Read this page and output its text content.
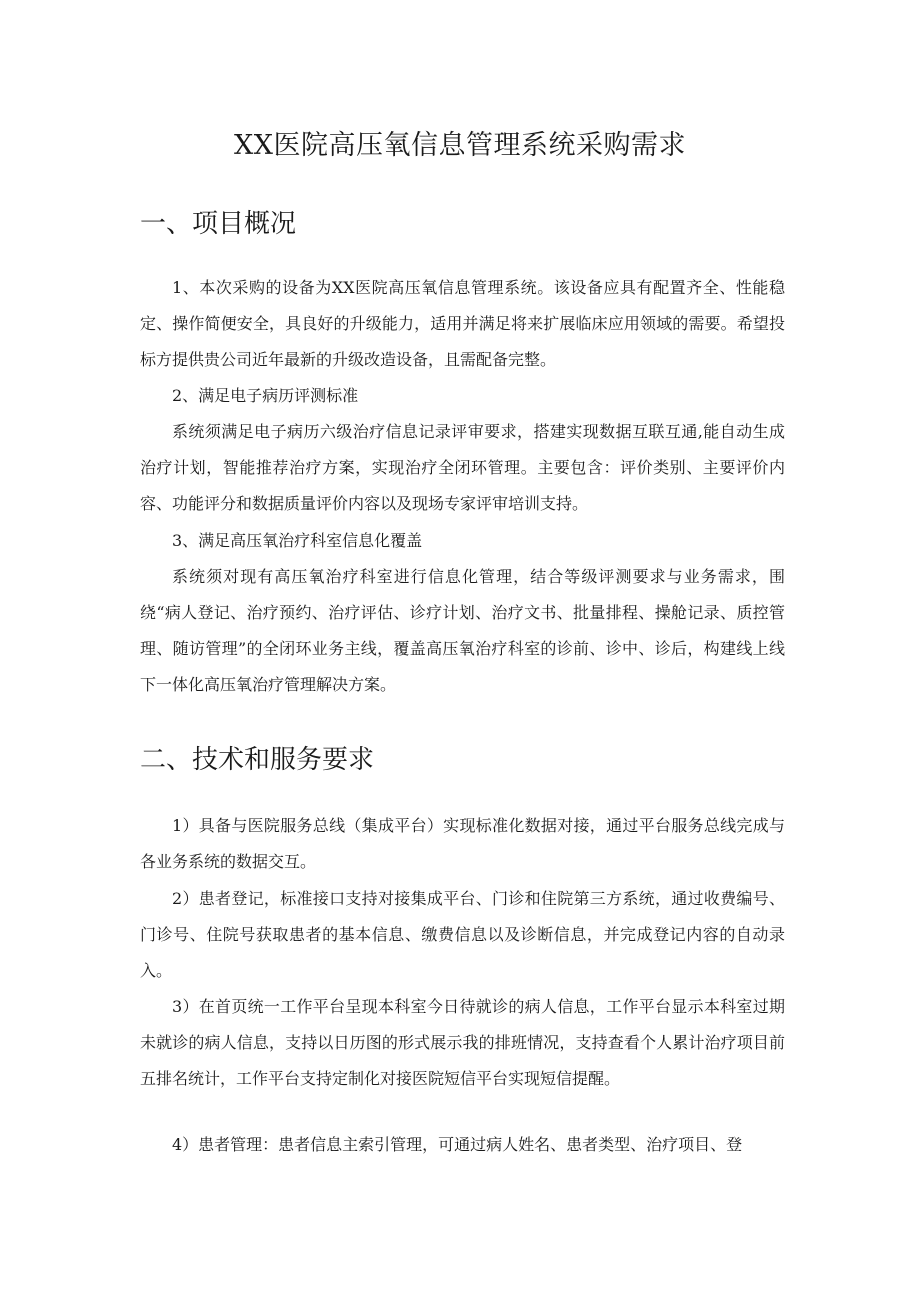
XX医院高压氧信息管理系统采购需求
一、项目概况

1、本次采购的设备为XX医院高压氧信息管理系统。该设备应具有配置齐全、性能稳定、操作简便安全，具良好的升级能力，适用并满足将来扩展临床应用领域的需要。希望投标方提供贵公司近年最新的升级改造设备，且需配备完整。

2、满足电子病历评测标准

系统须满足电子病历六级治疗信息记录评审要求，搭建实现数据互联互通,能自动生成治疗计划，智能推荐治疗方案，实现治疗全闭环管理。主要包含：评价类别、主要评价内容、功能评分和数据质量评价内容以及现场专家评审培训支持。

3、满足高压氧治疗科室信息化覆盖

系统须对现有高压氧治疗科室进行信息化管理，结合等级评测要求与业务需求，围绕“病人登记、治疗预约、治疗评估、诊疗计划、治疗文书、批量排程、操舱记录、质控管理、随访管理”的全闭环业务主线，覆盖高压氧治疗科室的诊前、诊中、诊后，构建线上线下一体化高压氧治疗管理解决方案。

二、技术和服务要求

1）具备与医院服务总线（集成平台）实现标准化数据对接，通过平台服务总线完成与各业务系统的数据交互。

2）患者登记，标准接口支持对接集成平台、门诊和住院第三方系统，通过收费编号、门诊号、住院号获取患者的基本信息、缴费信息以及诊断信息，并完成登记内容的自动录入。

3）在首页统一工作平台呈现本科室今日待就诊的病人信息，工作平台显示本科室过期未就诊的病人信息，支持以日历图的形式展示我的排班情况，支持查看个人累计治疗项目前五排名统计，工作平台支持定制化对接医院短信平台实现短信提醒。

4）患者管理：患者信息主索引管理，可通过病人姓名、患者类型、治疗项目、登
